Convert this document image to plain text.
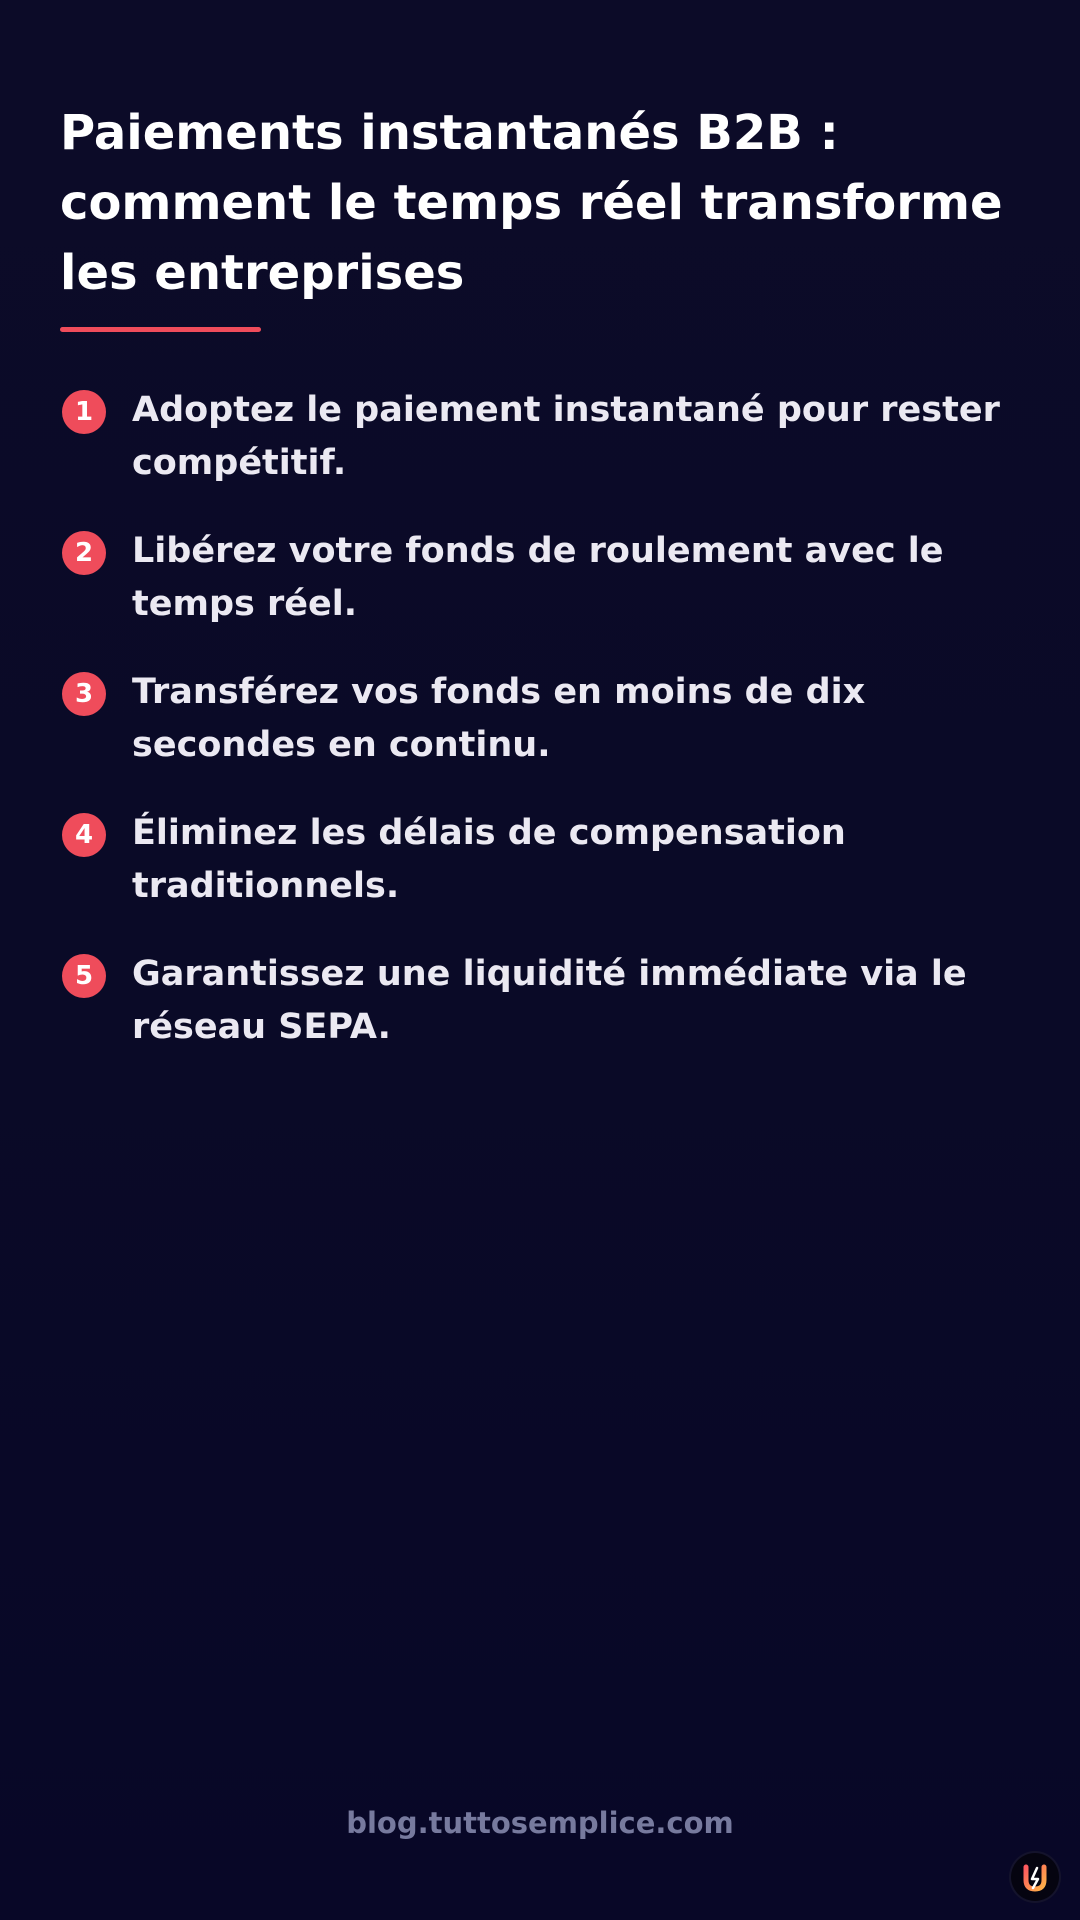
Paiements instantanés B2B : comment le temps réel transforme les entreprises
1	Adoptez le paiement instantané pour rester compétitif.
2	Libérez votre fonds de roulement avec le temps réel.
3	Transférez vos fonds en moins de dix secondes en continu.
4	Éliminez les délais de compensation traditionnels.
5	Garantissez une liquidité immédiate via le réseau SEPA.
blog.tuttosemplice.com
